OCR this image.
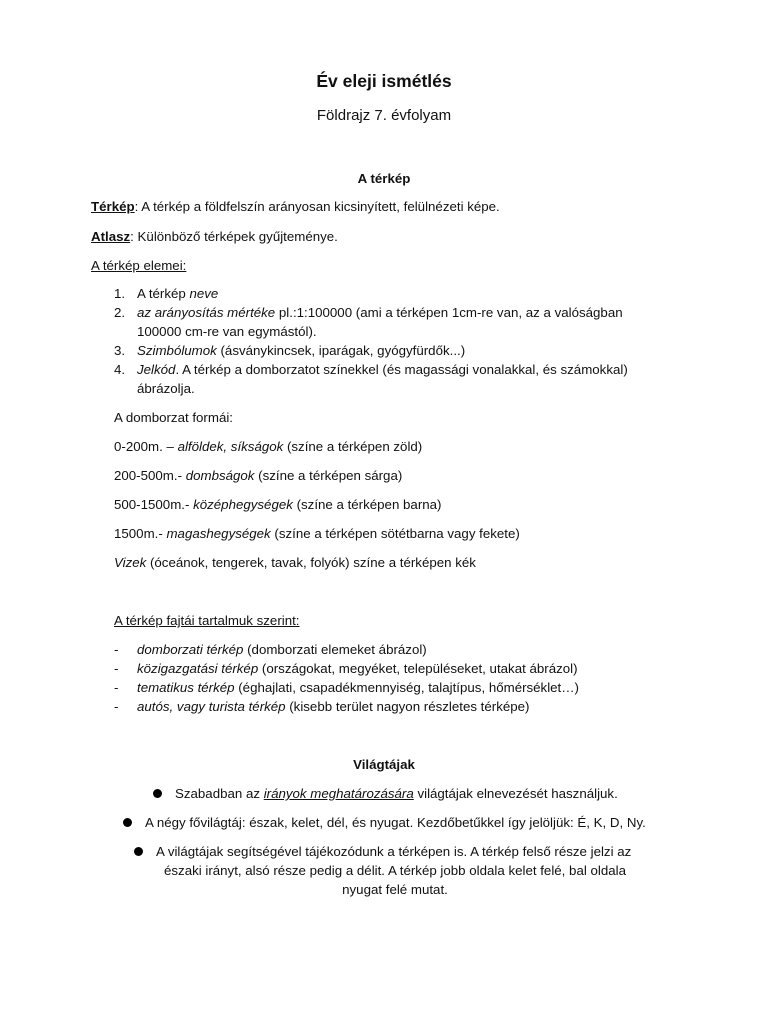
Év eleji ismétlés
Földrajz 7. évfolyam
A térkép
Térkép: A térkép a földfelszín arányosan kicsinyített, felülnézeti képe.
Atlasz: Különböző térképek gyűjteménye.
A térkép elemei:
1. A térkép neve
2. az arányosítás mértéke pl.:1:100000 (ami a térképen 1cm-re van, az a valóságban
100000 cm-re van egymástól).
3. Szimbólumok (ásványkincsek, iparágak, gyógyfürdők...)
4. Jelkód. A térkép a domborzatot színekkel (és magassági vonalakkal, és számokkal)
ábrázolja.
A domborzat formái:
0-200m. – alföldek, síkságok (színe a térképen zöld)
200-500m.- dombságok (színe a térképen sárga)
500-1500m.- középhegységek (színe a térképen barna)
1500m.- magashegységek (színe a térképen sötétbarna vagy fekete)
Vizek (óceánok, tengerek, tavak, folyók) színe a térképen kék
A térkép fajtái tartalmuk szerint:
- domborzati térkép (domborzati elemeket ábrázol)
- közigazgatási térkép (országokat, megyéket, településeket, utakat ábrázol)
- tematikus térkép (éghajlati, csapadékmennyiség, talajtípus, hőmérséklet…)
- autós, vagy turista térkép (kisebb terület nagyon részletes térképe)
Világtájak
Szabadban az irányok meghatározására világtájak elnevezését használjuk.
A négy fővilágtáj: észak, kelet, dél, és nyugat. Kezdőbetűkkel így jelöljük: É, K, D, Ny.
A világtájak segítségével tájékozódunk a térképen is. A térkép felső része jelzi az
északi irányt, alsó része pedig a délit. A térkép jobb oldala kelet felé, bal oldala
nyugat felé mutat.
